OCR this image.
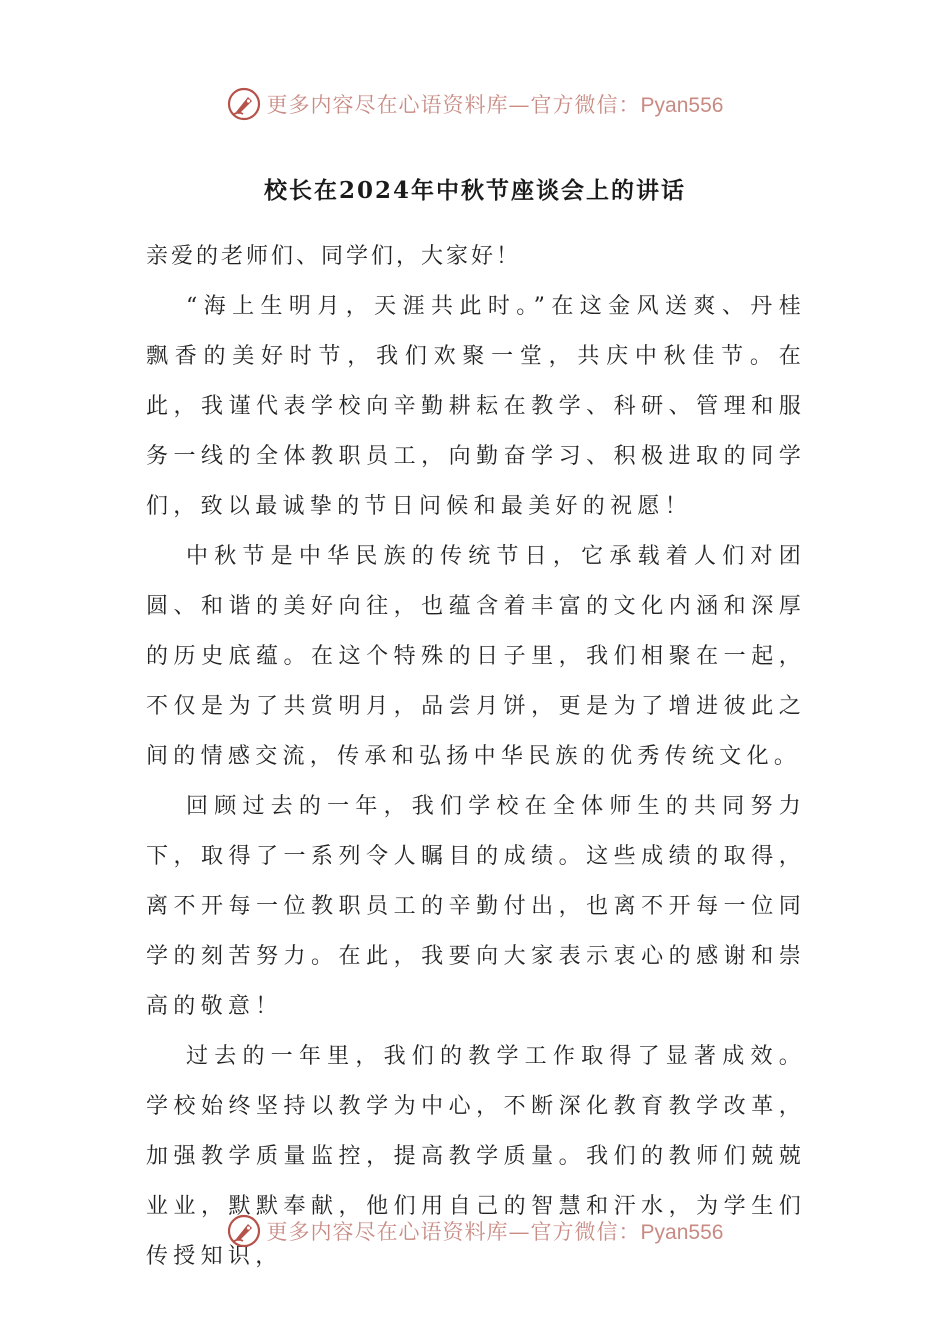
更多内容尽在心语资料库—官方微信：Pyan556
校长在2024年中秋节座谈会上的讲话

亲爱的老师们、同学们，大家好！

“海上生明月，天涯共此时。”在这金风送爽、丹桂飘香的美好时节，我们欢聚一堂，共庆中秋佳节。在此，我谨代表学校向辛勤耕耘在教学、科研、管理和服务一线的全体教职员工，向勤奋学习、积极进取的同学们，致以最诚挚的节日问候和最美好的祝愿！

中秋节是中华民族的传统节日，它承载着人们对团圆、和谐的美好向往，也蕴含着丰富的文化内涵和深厚的历史底蕴。在这个特殊的日子里，我们相聚在一起，不仅是为了共赏明月，品尝月饼，更是为了增进彼此之间的情感交流，传承和弘扬中华民族的优秀传统文化。

回顾过去的一年，我们学校在全体师生的共同努力下，取得了一系列令人瞩目的成绩。这些成绩的取得，离不开每一位教职员工的辛勤付出，也离不开每一位同学的刻苦努力。在此，我要向大家表示衷心的感谢和崇高的敬意！

过去的一年里，我们的教学工作取得了显著成效。学校始终坚持以教学为中心，不断深化教育教学改革，加强教学质量监控，提高教学质量。我们的教师们兢兢业业，默默奉献，他们用自己的智慧和汗水，为学生们传授知识，

更多内容尽在心语资料库—官方微信：Pyan556
